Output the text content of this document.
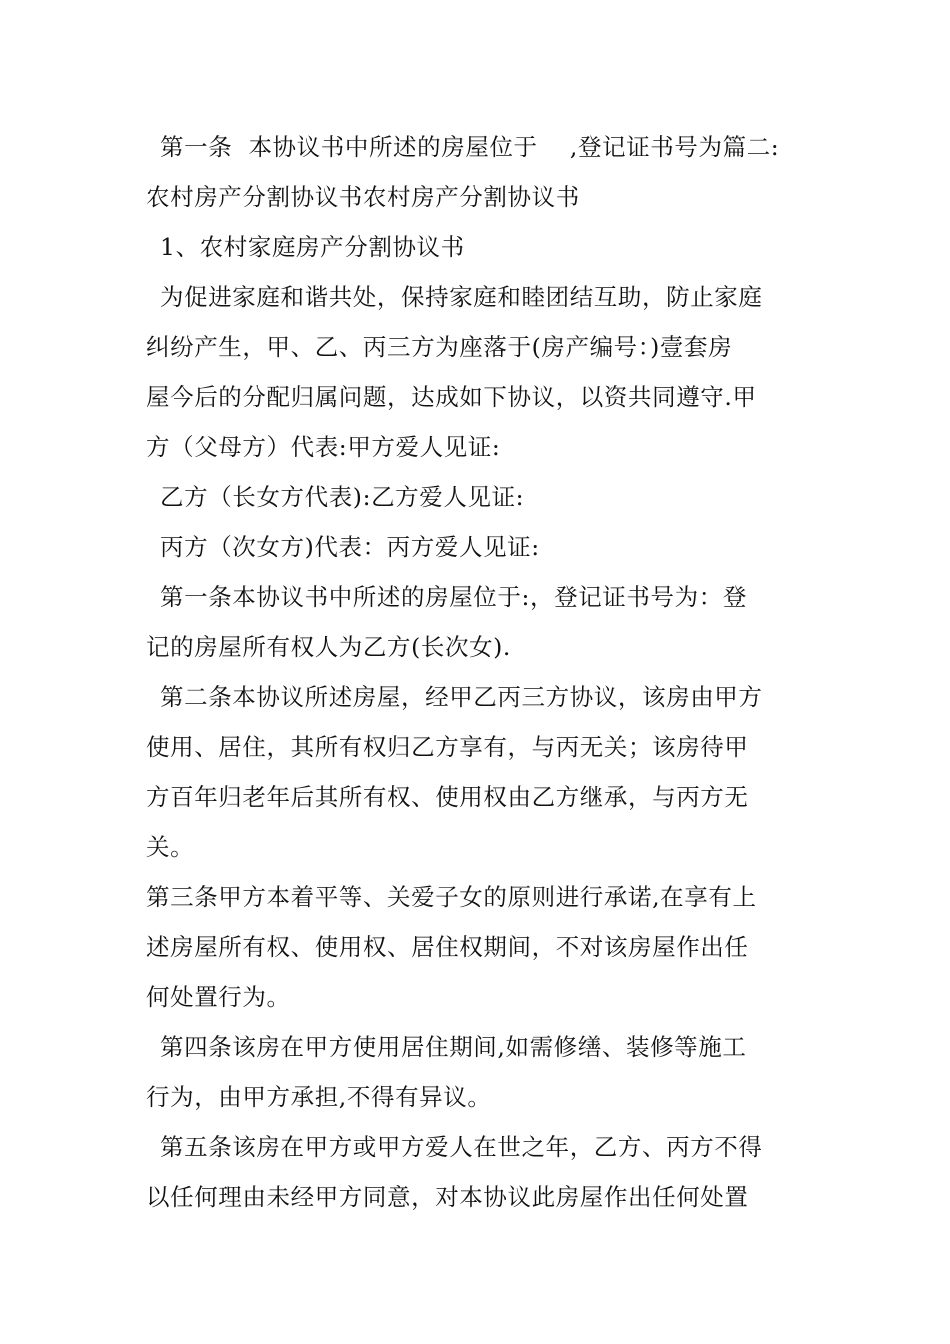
第一条  本协议书中所述的房屋位于    ,登记证书号为篇二:
农村房产分割协议书农村房产分割协议书
1、农村家庭房产分割协议书
为促进家庭和谐共处，保持家庭和睦团结互助，防止家庭
纠纷产生，甲、乙、丙三方为座落于(房产编号：)壹套房
屋今后的分配归属问题，达成如下协议，以资共同遵守.甲
方（父母方）代表:甲方爱人见证:
乙方（长女方代表):乙方爱人见证:
丙方（次女方)代表：丙方爱人见证:
第一条本协议书中所述的房屋位于:，登记证书号为：登
记的房屋所有权人为乙方(长次女).
第二条本协议所述房屋，经甲乙丙三方协议，该房由甲方
使用、居住，其所有权归乙方享有，与丙无关；该房待甲
方百年归老年后其所有权、使用权由乙方继承，与丙方无
关。
第三条甲方本着平等、关爱子女的原则进行承诺,在享有上
述房屋所有权、使用权、居住权期间，不对该房屋作出任
何处置行为。
第四条该房在甲方使用居住期间,如需修缮、装修等施工
行为，由甲方承担,不得有异议。
第五条该房在甲方或甲方爱人在世之年，乙方、丙方不得
以任何理由未经甲方同意，对本协议此房屋作出任何处置
